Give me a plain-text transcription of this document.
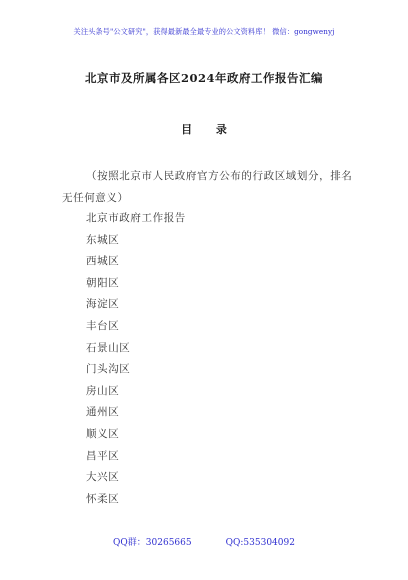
关注头条号"公文研究"，获得最新最全最专业的公文资料库！ 微信：gongwenyj
北京市及所属各区2024年政府工作报告汇编
目 录
（按照北京市人民政府官方公布的行政区域划分，排名无任何意义）
北京市政府工作报告
东城区
西城区
朝阳区
海淀区
丰台区
石景山区
门头沟区
房山区
通州区
顺义区
昌平区
大兴区
怀柔区
QQ群：30265665	QQ:535304092
